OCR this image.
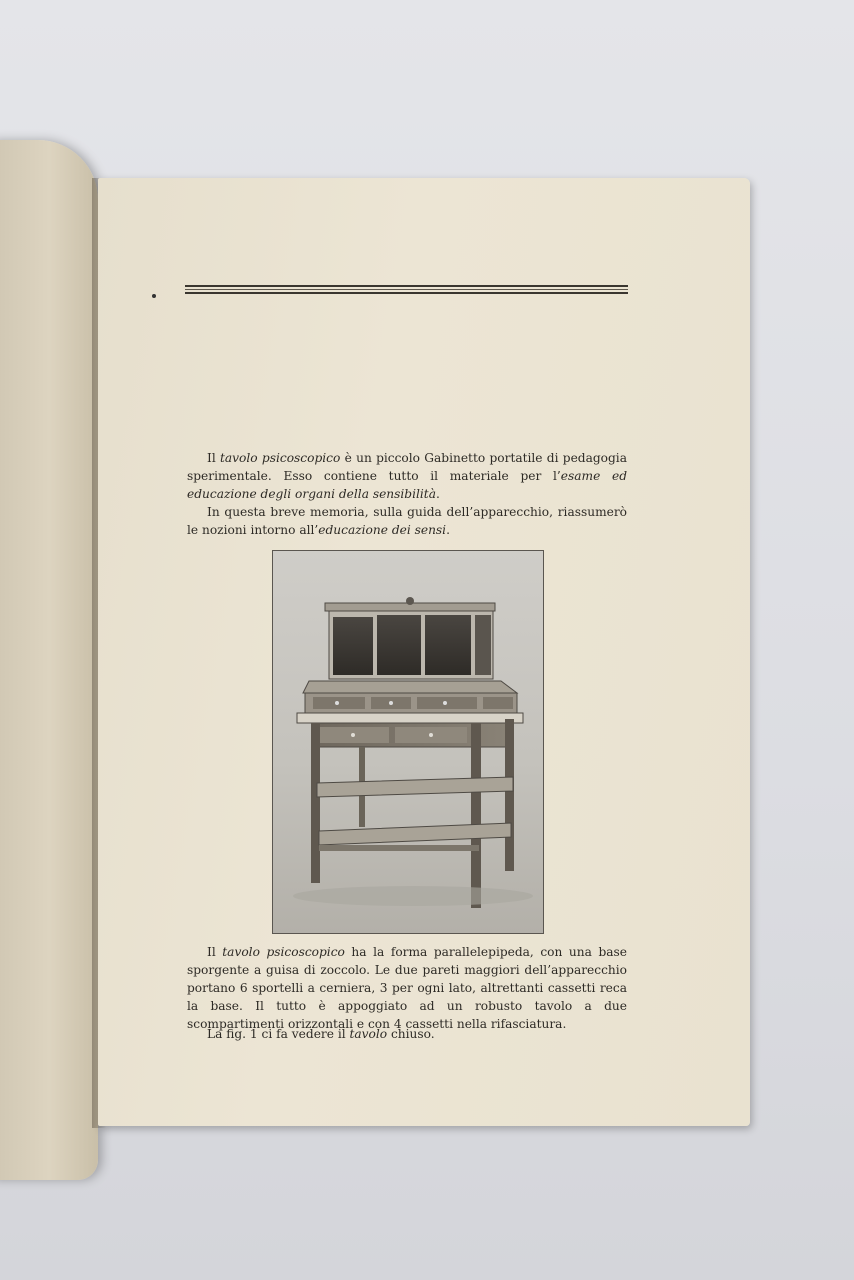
Il tavolo psicoscopico è un piccolo Gabinetto portatile di pedagogia sperimentale. Esso contiene tutto il materiale per l’esame ed educazione degli organi della sensibilità.

In questa breve memoria, sulla guida dell’apparecchio, riassumerò le nozioni intorno all’educazione dei sensi.

Il tavolo psicoscopico ha la forma parallelepipeda, con una base sporgente a guisa di zoccolo. Le due pareti maggiori dell’apparecchio portano 6 sportelli a cerniera, 3 per ogni lato, altrettanti cassetti reca la base. Il tutto è appoggiato ad un robusto tavolo a due scompartimenti orizzontali e con 4 cassetti nella rifasciatura.

La fig. 1 ci fa vedere il tavolo chiuso.
